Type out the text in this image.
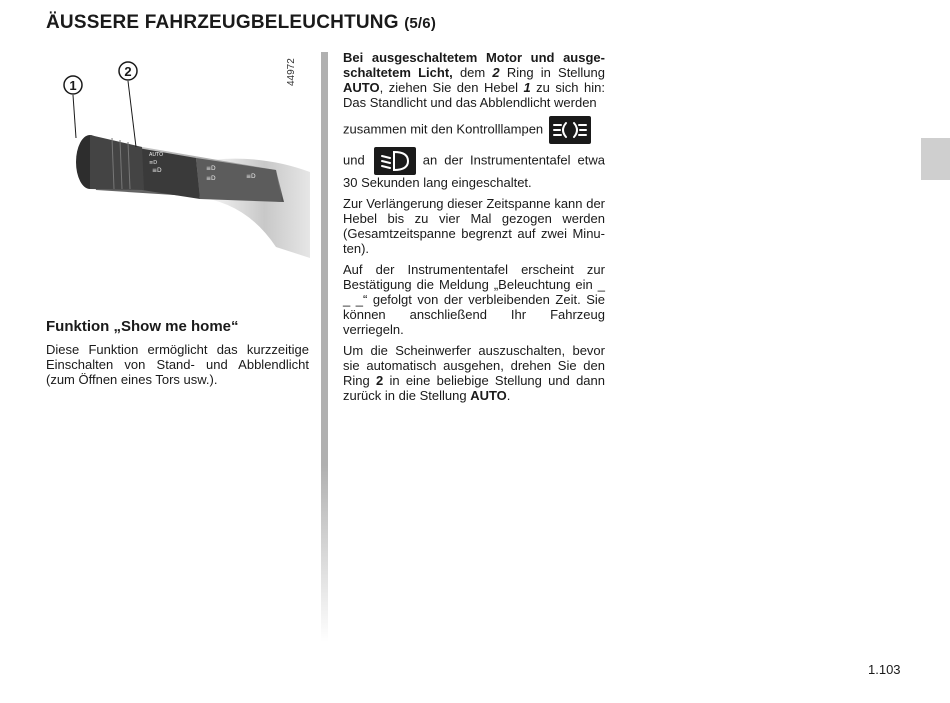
ÄUSSERE FAHRZEUGBELEUCHTUNG (5/6)
AUTO
≡D
≡D	≡D
≡D	≡D
1
2	44972
Funktion „Show me home“
Diese Funktion ermöglicht das kurzzeitige Einschalten von Stand- und Abblendlicht (zum Öffnen eines Tors usw.).
Bei ausgeschaltetem Motor und ausgeschaltetem Licht, dem 2 Ring in Stellung AUTO, ziehen Sie den Hebel 1 zu sich hin: Das Standlicht und das Abblendlicht werden
zusammen mit den Kontrolllampen
und	an der Instrumententafel etwa 30 Sekunden lang eingeschaltet.
Zur Verlängerung dieser Zeitspanne kann der Hebel bis zu vier Mal gezogen werden (Gesamtzeitspanne begrenzt auf zwei Minuten).
Auf der Instrumententafel erscheint zur Bestätigung die Meldung „Beleuchtung ein _ _ _“ gefolgt von der verbleibenden Zeit. Sie können anschließend Ihr Fahrzeug verriegeln.
Um die Scheinwerfer auszuschalten, bevor sie automatisch ausgehen, drehen Sie den Ring 2 in eine beliebige Stellung und dann zurück in die Stellung AUTO.
1.103
